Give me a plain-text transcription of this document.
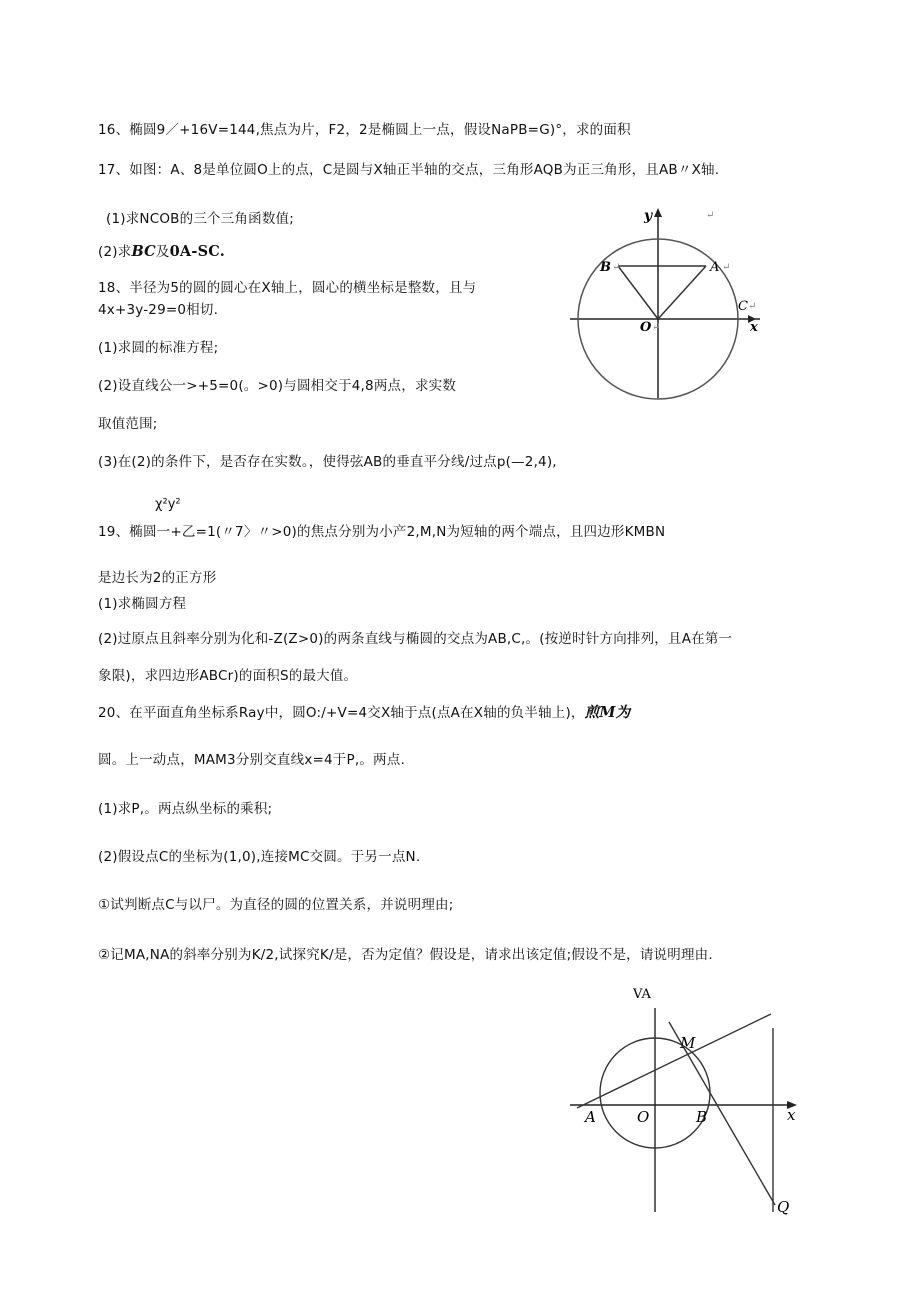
16、椭圆9／+16V=144,焦点为片，F2，2是椭圆上一点，假设NaPB=G)°，求的面积
17、如图：A、8是单位圆O上的点，C是圆与X轴正半轴的交点，三角形AQB为正三角形，且AB〃X轴.
(1)求NCOB的三个三角函数值;
(2)求BC及0A-SC.
18、半径为5的圆的圆心在X轴上，圆心的横坐标是整数，且与
4x+3y-29=0相切.
(1)求圆的标准方程;
(2)设直线公一>+5=0(。>0)与圆相交于4,8两点，求实数
取值范围;
(3)在(2)的条件下，是否存在实数。，使得弦AB的垂直平分线/过点p(—2,4),
χ²y²
19、椭圆一+乙=1(〃7〉〃>0)的焦点分别为小产2,M,N为短轴的两个端点，且四边形KMBN
是边长为2的正方形
(1)求椭圆方程
(2)过原点且斜率分别为化和-Z(Z>0)的两条直线与椭圆的交点为AB,C,。(按逆时针方向排列，且A在第一
象限)，求四边形ABCr)的面积S的最大值。
20、在平面直角坐标系Ray中，圆O:/+V=4交X轴于点(点A在X轴的负半轴上)，煎M为
圆。上一动点，MAM3分别交直线x=4于P,。两点.
(1)求P,。两点纵坐标的乘积;
(2)假设点C的坐标为(1,0),连接MC交圆。于另一点N.
①试判断点C与以尸。为直径的圆的位置关系，并说明理由;
②记MA,NA的斜率分别为K/2,试探究K/是，否为定值？假设是，请求出该定值;假设不是，请说明理由.
y
B ↵	A ↵
↵
C ↵
O ↵	x
VA
A	O	B
M
x
Q
